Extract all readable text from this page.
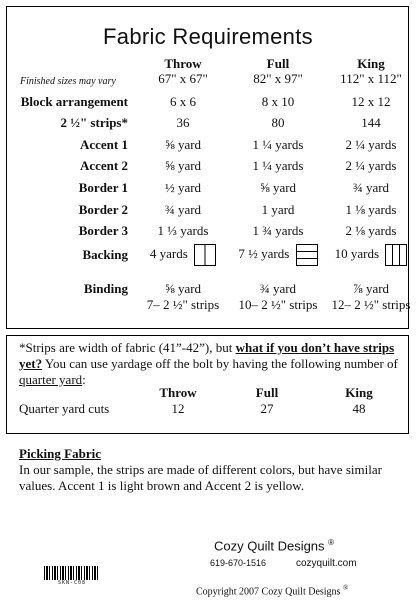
Fabric Requirements
Throw	Full	King
Finished sizes may vary	67" x 67"	82" x 97"	112" x 112"
Block arrangement	6 x 6	8 x 10	12 x 12
2 ½" strips*	36	80	144
Accent 1	⅝ yard	1 ¼ yards	2 ¼ yards
Accent 2	⅝ yard	1 ¼ yards	2 ¼ yards
Border 1	½ yard	⅝ yard	¾ yard
Border 2	¾ yard	1 yard	1 ⅛ yards
Border 3	1 ⅓ yards	1 ¾ yards	2 ⅛ yards
Backing	4 yards	7 ½ yards	10 yards
Binding	⅝ yard	¾ yard	⅞ yard
7– 2 ½" strips	10– 2 ½" strips	12– 2 ½" strips
*Strips are width of fabric (41”-42”), but what if you don’t have strips yet? You can use yardage off the bolt by having the following number of quarter yard:
Throw	Full	King
Quarter yard cuts	12	27	48
Picking Fabric
In our sample, the strips are made of different colors, but have similar values. Accent 1 is light brown and Accent 2 is yellow.
Cozy Quilt Designs ®
619-670-1516	cozyquilt.com
Copyright 2007 Cozy Quilt Designs ®
SKN-C08
